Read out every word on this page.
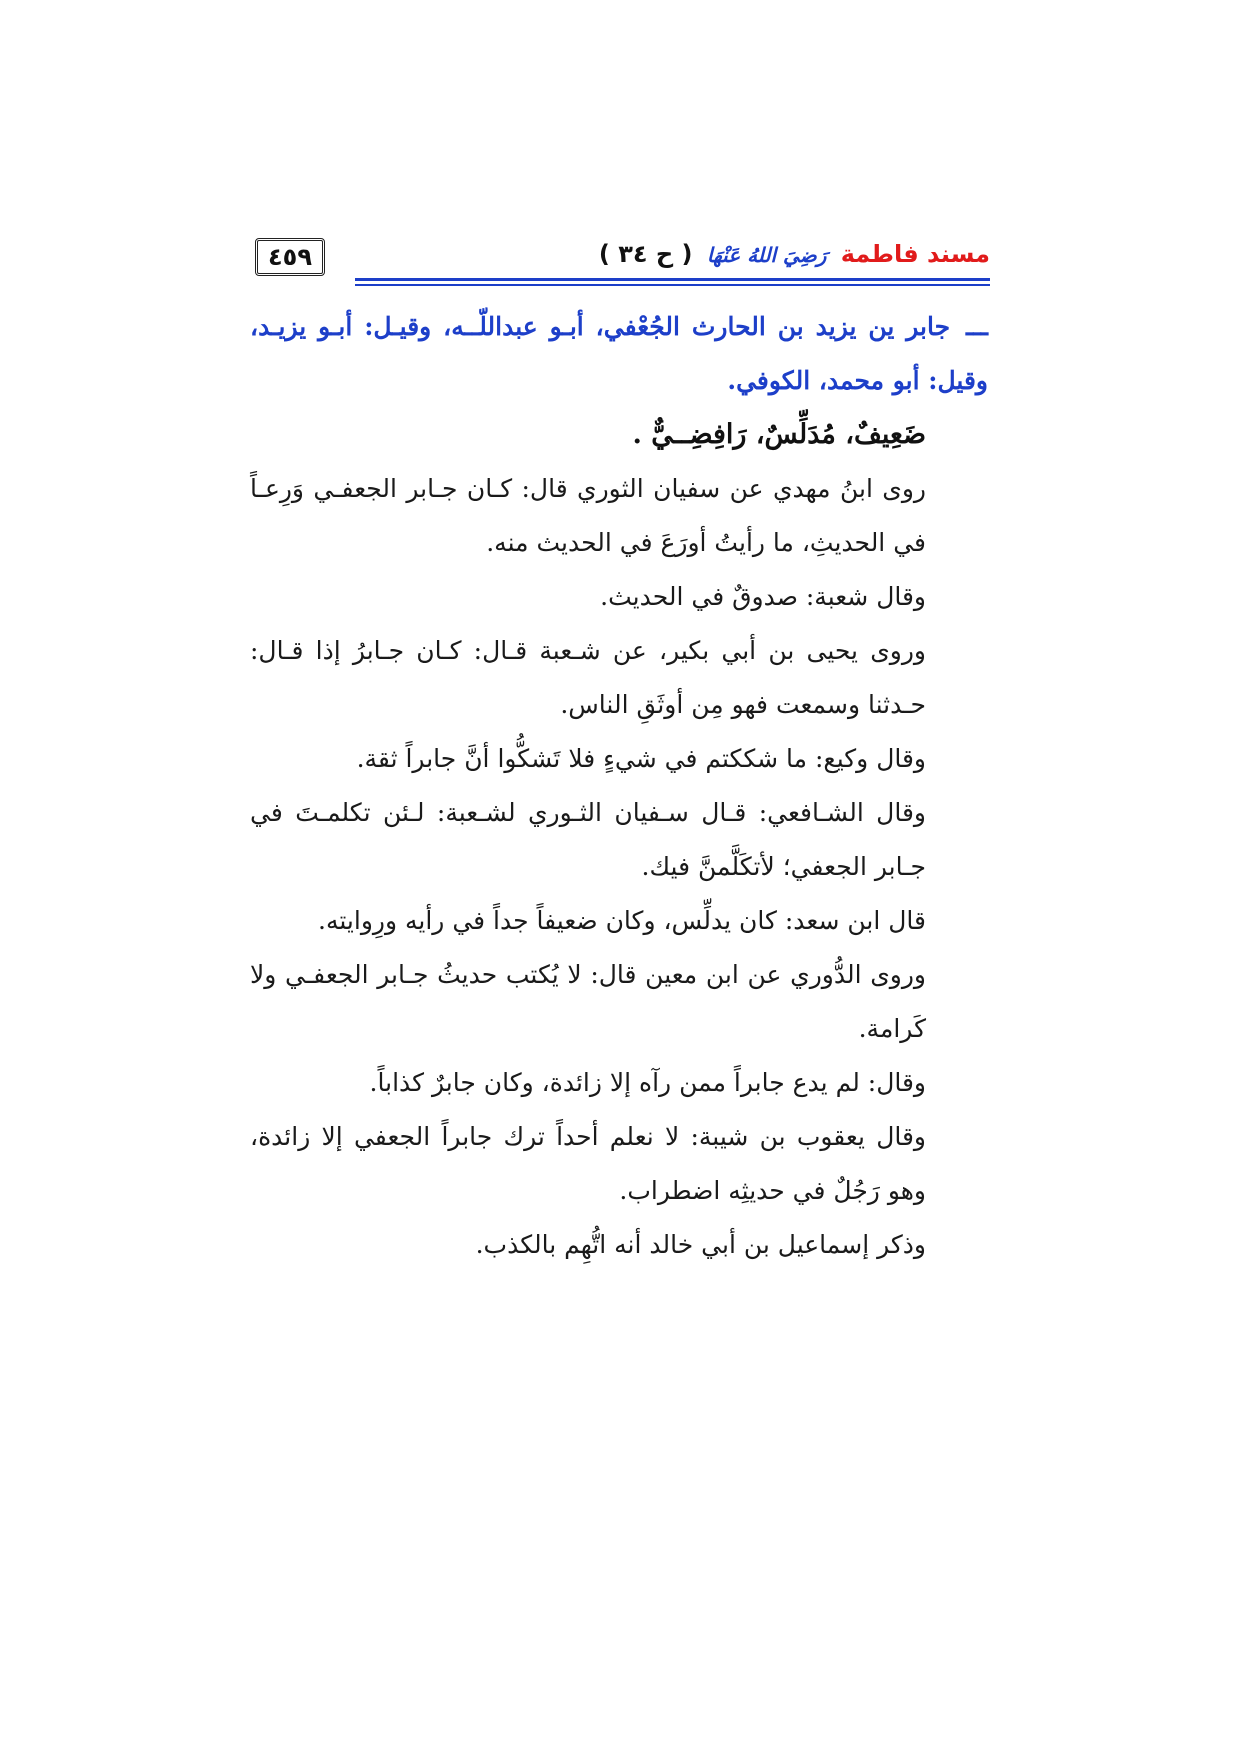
٤٥٩	مسند فاطمة رَضِيَ اللهُ عَنْهَا ( ح ٣٤ )

ـــ جابر ين يزيد بن الحارث الجُعْفي، أبـو عبداللّــه، وقيـل: أبـو يزيـد، وقيل: أبو محمد، الكوفي.

ضَعِيفٌ، مُدَلِّسٌ، رَافِضِــيٌّ .

روى ابنُ مهدي عن سفيان الثوري قال: كـان جـابر الجعفـي وَرِعـاً في الحديثِ، ما رأيتُ أورَعَ في الحديث منه.

وقال شعبة: صدوقٌ في الحديث.

وروى يحيى بن أبي بكير، عن شـعبة قـال: كـان جـابرُ إذا قـال: حـدثنا وسمعت فهو مِن أوثَقِ الناس.

وقال وكيع: ما شككتم في شيءٍ فلا تَشكُّوا أنَّ جابراً ثقة.

وقال الشـافعي: قـال سـفيان الثـوري لشـعبة: لـئن تكلمـتَ في جـابر الجعفي؛ لأتكَلَّمنَّ فيك.

قال ابن سعد: كان يدلِّس، وكان ضعيفاً جداً في رأيه ورِوايته.

وروى الدُّوري عن ابن معين قال: لا يُكتب حديثُ جـابر الجعفـي ولا كَرامة.

وقال: لم يدع جابراً ممن رآه إلا زائدة، وكان جابرٌ كذاباً.

وقال يعقوب بن شيبة: لا نعلم أحداً ترك جابراً الجعفي إلا زائدة، وهو رَجُلٌ في حديثِه اضطراب.

وذكر إسماعيل بن أبي خالد أنه اتُّهِم بالكذب.
